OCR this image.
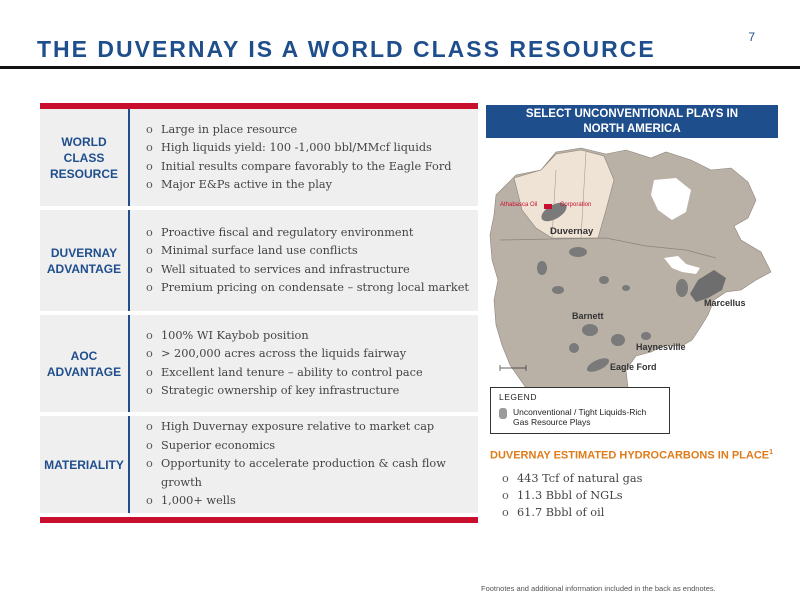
7
THE DUVERNAY IS A WORLD CLASS RESOURCE
WORLD
CLASS
RESOURCE
o Large in place resource
o High liquids yield: 100 -1,000 bbl/MMcf liquids
o Initial results compare favorably to the Eagle Ford
o Major E&Ps active in the play
DUVERNAY
ADVANTAGE
o Proactive fiscal and regulatory environment
o Minimal surface land use conflicts
o Well situated to services and infrastructure
o Premium pricing on condensate – strong local market
AOC
ADVANTAGE
o 100% WI Kaybob position
o > 200,000 acres across the liquids fairway
o Excellent land tenure – ability to control pace
o Strategic ownership of key infrastructure
MATERIALITY
o High Duvernay exposure relative to market cap
o Superior economics
o Opportunity to accelerate production & cash flow growth
o 1,000+ wells
SELECT UNCONVENTIONAL PLAYS IN
NORTH AMERICA
Athabasca Oil	Corporation
Duvernay
Marcellus
Barnett
Haynesville
Eagle Ford
LEGEND
Unconventional / Tight Liquids-Rich
Gas Resource Plays
DUVERNAY ESTIMATED HYDROCARBONS IN PLACE$^1$
o 443 Tcf of natural gas
o 11.3 Bbbl of NGLs
o 61.7 Bbbl of oil
Footnotes and additional information included in the back as endnotes.
